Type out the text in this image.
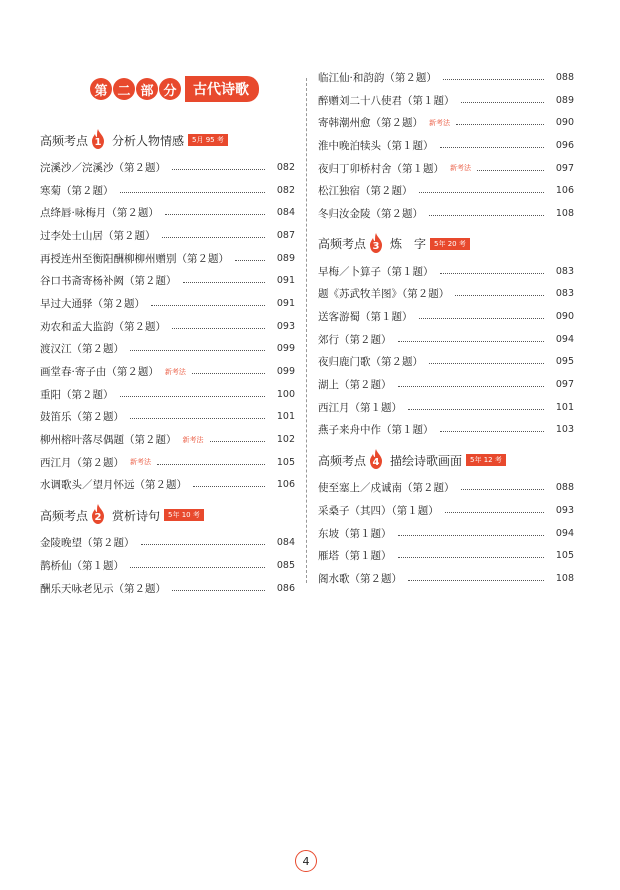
第 二 部 分	古代诗歌
高频考点 1 分析人物情感	5月 95 考
浣溪沙／浣溪沙（第２题）	082
寒菊（第２题）	082
点绛唇·咏梅月（第２题）	084
过李处士山居（第２题）	087
再授连州至衡阳酬柳柳州赠别（第２题）	089
谷口书斋寄杨补阙（第２题）	091
早过大通驿（第２题）	091
劝农和孟大监韵（第２题）	093
渡汉江（第２题）	099
画堂春·寄子由（第２题） 新考法	099
重阳（第２题）	100
鼓笛乐（第２题）	101
柳州榕叶落尽偶题（第２题） 新考法	102
西江月（第２题） 新考法	105
水调歌头／望月怀远（第２题）	106
高频考点 2 赏析诗句	5年 10 考
金陵晚望（第２题）	084
鹊桥仙（第１题）	085
酬乐天咏老见示（第２题）	086
临江仙·和韵韵（第２题）	088
醉赠刘二十八使君（第１题）	089
寄韩潮州愈（第２题） 新考法	090
淮中晚泊犊头（第１题）	096
夜归丁卯桥村舍（第１题） 新考法	097
松江独宿（第２题）	106
冬归汝金陵（第２题）	108
高频考点 3 炼　字	5年 20 考
早梅／卜算子（第１题）	083
题《苏武牧羊图》（第２题）	083
送客游蜀（第１题）	090
郊行（第２题）	094
夜归鹿门歌（第２题）	095
湖上（第２题）	097
西江月（第１题）	101
燕子来舟中作（第１题）	103
高频考点 4 描绘诗歌画面	5年 12 考
使至塞上／戍诚南（第２题）	088
采桑子（其四）（第１题）	093
东坡（第１题）	094
雁塔（第１题）	105
阁水歌（第２题）	108
4
